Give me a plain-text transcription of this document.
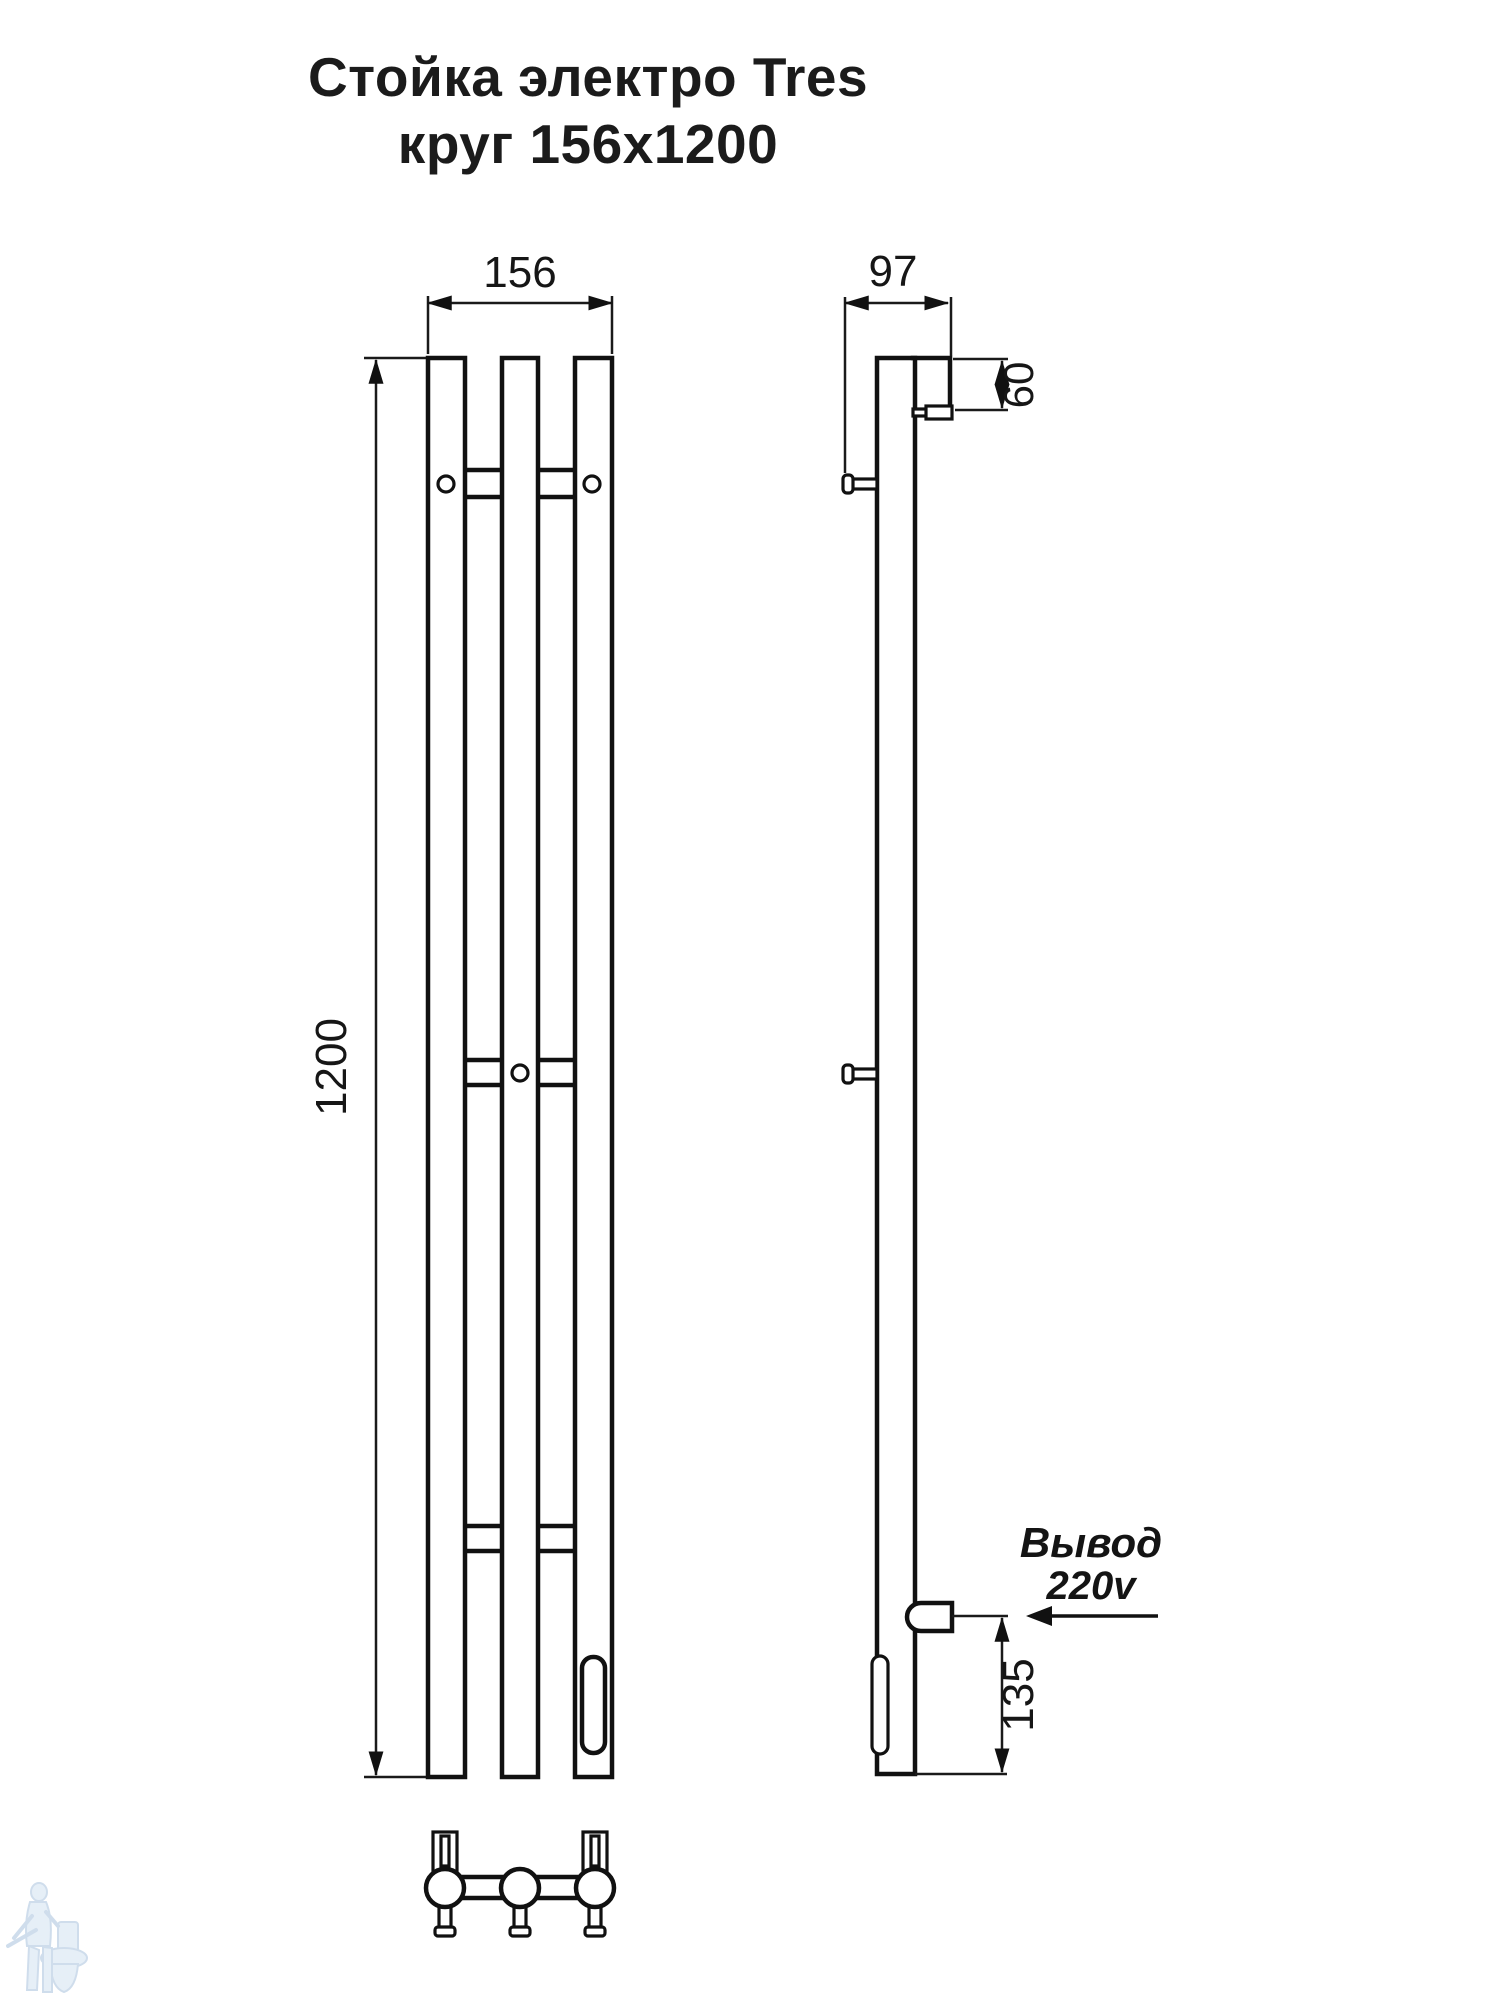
Стойка электро Tres
круг 156x1200
156
1200
97
60
135
Вывод
220v
